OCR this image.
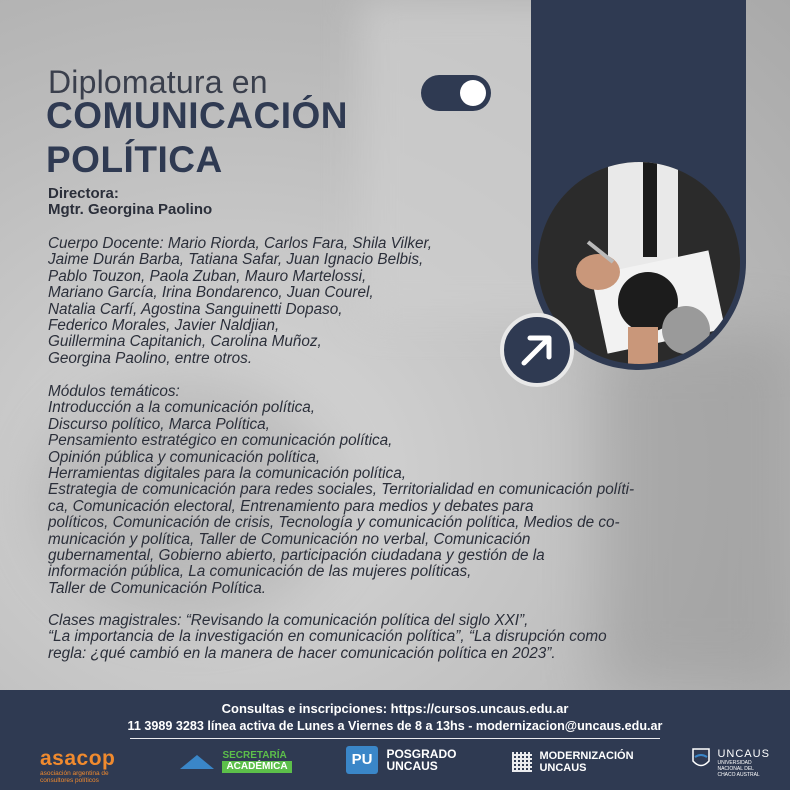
Diplomatura en
COMUNICACIÓN
POLÍTICA
Directora:
Mgtr. Georgina Paolino
Cuerpo Docente: Mario Riorda, Carlos Fara, Shila Vilker,
Jaime Durán Barba, Tatiana Safar, Juan Ignacio Belbis,
Pablo Touzon, Paola Zuban, Mauro Martelossi,
Mariano García, Irina Bondarenco, Juan Courel,
Natalia Carfí, Agostina Sanguinetti Dopaso,
Federico Morales, Javier Naldjian,
Guillermina Capitanich, Carolina Muñoz,
Georgina Paolino, entre otros.
Módulos temáticos:
Introducción a la comunicación política,
Discurso político, Marca Política,
Pensamiento estratégico en comunicación política,
Opinión pública y comunicación política,
Herramientas digitales para la comunicación política,
Estrategia de comunicación para redes sociales, Territorialidad en comunicación políti-
ca, Comunicación electoral, Entrenamiento para medios y debates para
políticos, Comunicación de crisis, Tecnología y comunicación política, Medios de co-
municación y política, Taller de Comunicación no verbal, Comunicación
gubernamental, Gobierno abierto, participación ciudadana y gestión de la
información pública, La comunicación de las mujeres políticas,
Taller de Comunicación Política.
Clases magistrales: “Revisando la comunicación política del siglo XXI”,
“La importancia de la investigación en comunicación política”, “La disrupción como
regla: ¿qué cambió en la manera de hacer comunicación política en 2023”.
Consultas e inscripciones: https://cursos.uncaus.edu.ar
11 3989 3283 línea activa de Lunes a Viernes de 8 a 13hs - modernizacion@uncaus.edu.ar
asacop
asociación argentina de consultores políticos

SECRETARÍA
ACADÉMICA	PU POSGRADO
UNCAUS

MODERNIZACIÓN
UNCAUS

UNCAUS
UNIVERSIDAD NACIONAL DEL CHACO AUSTRAL
